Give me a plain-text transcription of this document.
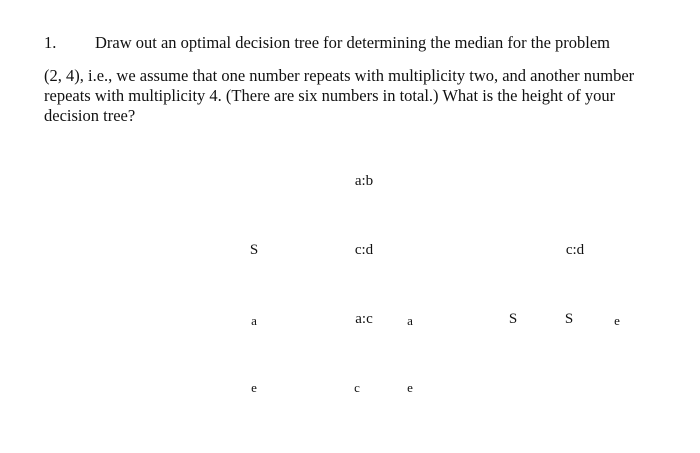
1. Draw out an optimal decision tree for determining the median for the problem
(2, 4), i.e., we assume that one number repeats with multiplicity two, and another number repeats with multiplicity 4. (There are six numbers in total.) What is the height of your decision tree?
a:b
S	c:d	c:d
a	a:c	a	S	S	e
e	c	e
